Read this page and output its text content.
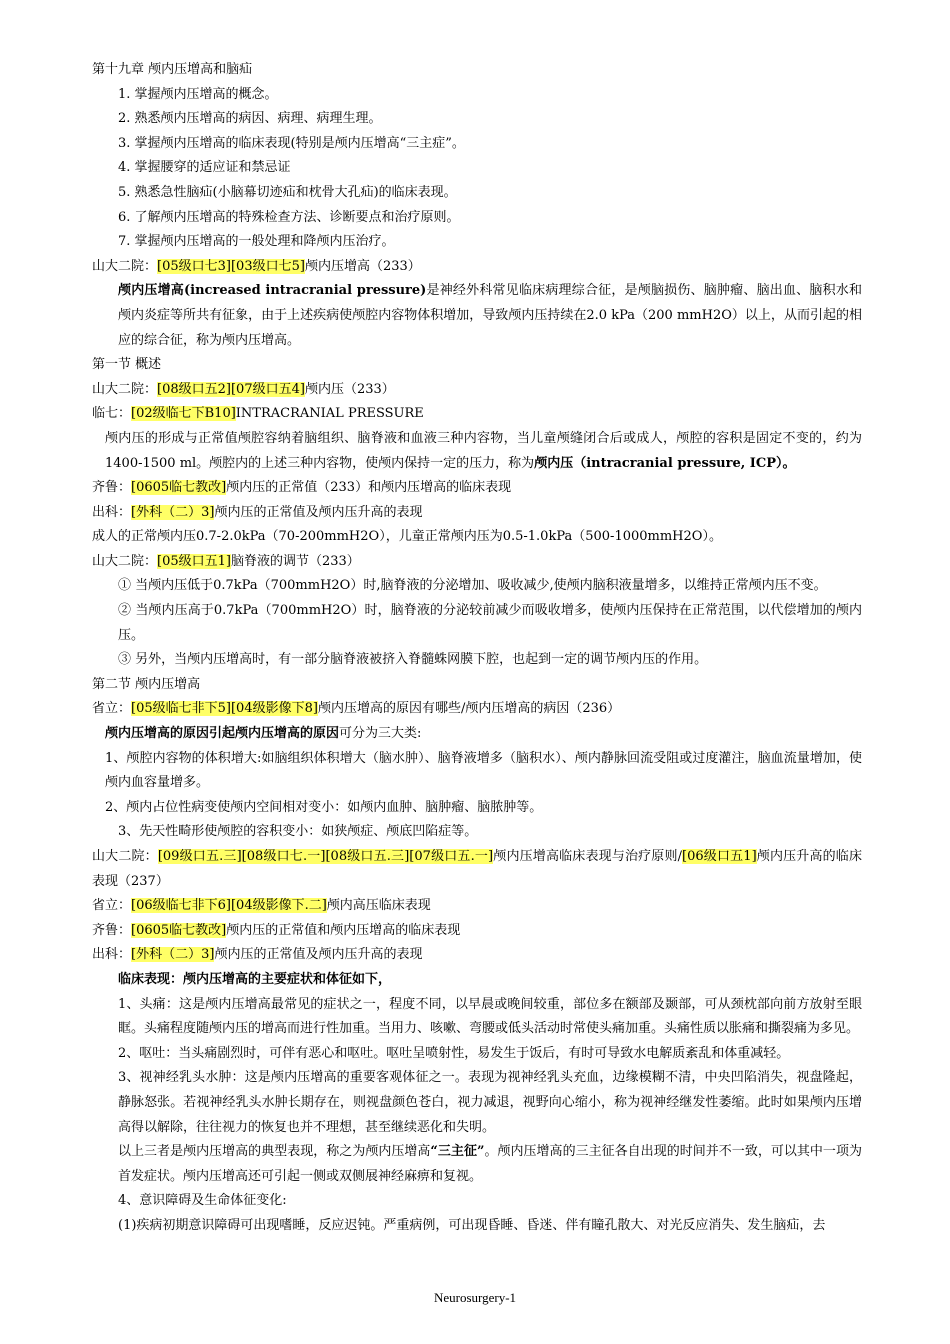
第十九章 颅内压增高和脑疝
1. 掌握颅内压增高的概念。
2. 熟悉颅内压增高的病因、病理、病理生理。
3. 掌握颅内压增高的临床表现(特别是颅内压增高“三主症”。
4. 掌握腰穿的适应证和禁忌证
5. 熟悉急性脑疝(小脑幕切迹疝和枕骨大孔疝)的临床表现。
6. 了解颅内压增高的特殊检查方法、诊断要点和治疗原则。
7. 掌握颅内压增高的一般处理和降颅内压治疗。
山大二院：[05级口七3][03级口七5]颅内压增高（233）
颅内压增高(increased intracranial pressure)是神经外科常见临床病理综合征，是颅脑损伤、脑肿瘤、脑出血、脑积水和颅内炎症等所共有征象，由于上述疾病使颅腔内容物体积增加，导致颅内压持续在2.0 kPa（200 mmH2O）以上，从而引起的相应的综合征，称为颅内压增高。
第一节 概述
山大二院：[08级口五2][07级口五4]颅内压（233）
临七：[02级临七下B10]INTRACRANIAL PRESSURE
颅内压的形成与正常值颅腔容纳着脑组织、脑脊液和血液三种内容物，当儿童颅缝闭合后或成人，颅腔的容积是固定不变的，约为1400-1500 ml。颅腔内的上述三种内容物，使颅内保持一定的压力，称为颅内压（intracranial pressure, ICP）。
齐鲁：[0605临七教改]颅内压的正常值（233）和颅内压增高的临床表现
出科：[外科（二）3]颅内压的正常值及颅内压升高的表现
成人的正常颅内压0.7-2.0kPa（70-200mmH2O），儿童正常颅内压为0.5-1.0kPa（500-1000mmH2O）。
山大二院：[05级口五1]脑脊液的调节（233）
① 当颅内压低于0.7kPa（700mmH2O）时,脑脊液的分泌增加、吸收减少,使颅内脑积液量增多，以维持正常颅内压不变。
② 当颅内压高于0.7kPa（700mmH2O）时，脑脊液的分泌较前减少而吸收增多，使颅内压保持在正常范围，以代偿增加的颅内压。
③ 另外，当颅内压增高时，有一部分脑脊液被挤入脊髓蛛网膜下腔，也起到一定的调节颅内压的作用。
第二节 颅内压增高
省立：[05级临七非下5][04级影像下8]颅内压增高的原因有哪些/颅内压增高的病因（236）
颅内压增高的原因引起颅内压增高的原因可分为三大类:
1、颅腔内容物的体积增大:如脑组织体积增大（脑水肿）、脑脊液增多（脑积水）、颅内静脉回流受阻或过度灌注，脑血流量增加，使颅内血容量增多。
2、颅内占位性病变使颅内空间相对变小：如颅内血肿、脑肿瘤、脑脓肿等。
3、先天性畸形使颅腔的容积变小：如狭颅症、颅底凹陷症等。
山大二院：[09级口五.三][08级口七.一][08级口五.三][07级口五.一]颅内压增高临床表现与治疗原则/[06级口五1]颅内压升高的临床表现（237）
省立：[06级临七非下6][04级影像下.二]颅内高压临床表现
齐鲁：[0605临七教改]颅内压的正常值和颅内压增高的临床表现
出科：[外科（二）3]颅内压的正常值及颅内压升高的表现
临床表现：颅内压增高的主要症状和体征如下，
1、头痛：这是颅内压增高最常见的症状之一，程度不同，以早晨或晚间较重，部位多在额部及颞部，可从颈枕部向前方放射至眼眶。头痛程度随颅内压的增高而进行性加重。当用力、咳嗽、弯腰或低头活动时常使头痛加重。头痛性质以胀痛和撕裂痛为多见。
2、呕吐：当头痛剧烈时，可伴有恶心和呕吐。呕吐呈喷射性，易发生于饭后，有时可导致水电解质紊乱和体重减轻。
3、视神经乳头水肿：这是颅内压增高的重要客观体征之一。表现为视神经乳头充血，边缘模糊不清，中央凹陷消失，视盘隆起，静脉怒张。若视神经乳头水肿长期存在，则视盘颜色苍白，视力减退，视野向心缩小，称为视神经继发性萎缩。此时如果颅内压增高得以解除，往往视力的恢复也并不理想，甚至继续恶化和失明。
以上三者是颅内压增高的典型表现，称之为颅内压增高“三主征”。颅内压增高的三主征各自出现的时间并不一致，可以其中一项为首发症状。颅内压增高还可引起一侧或双侧展神经麻痹和复视。
4、意识障碍及生命体征变化:
(1)疾病初期意识障碍可出现嗜睡，反应迟钝。严重病例，可出现昏睡、昏迷、伴有瞳孔散大、对光反应消失、发生脑疝，去
Neurosurgery-1
